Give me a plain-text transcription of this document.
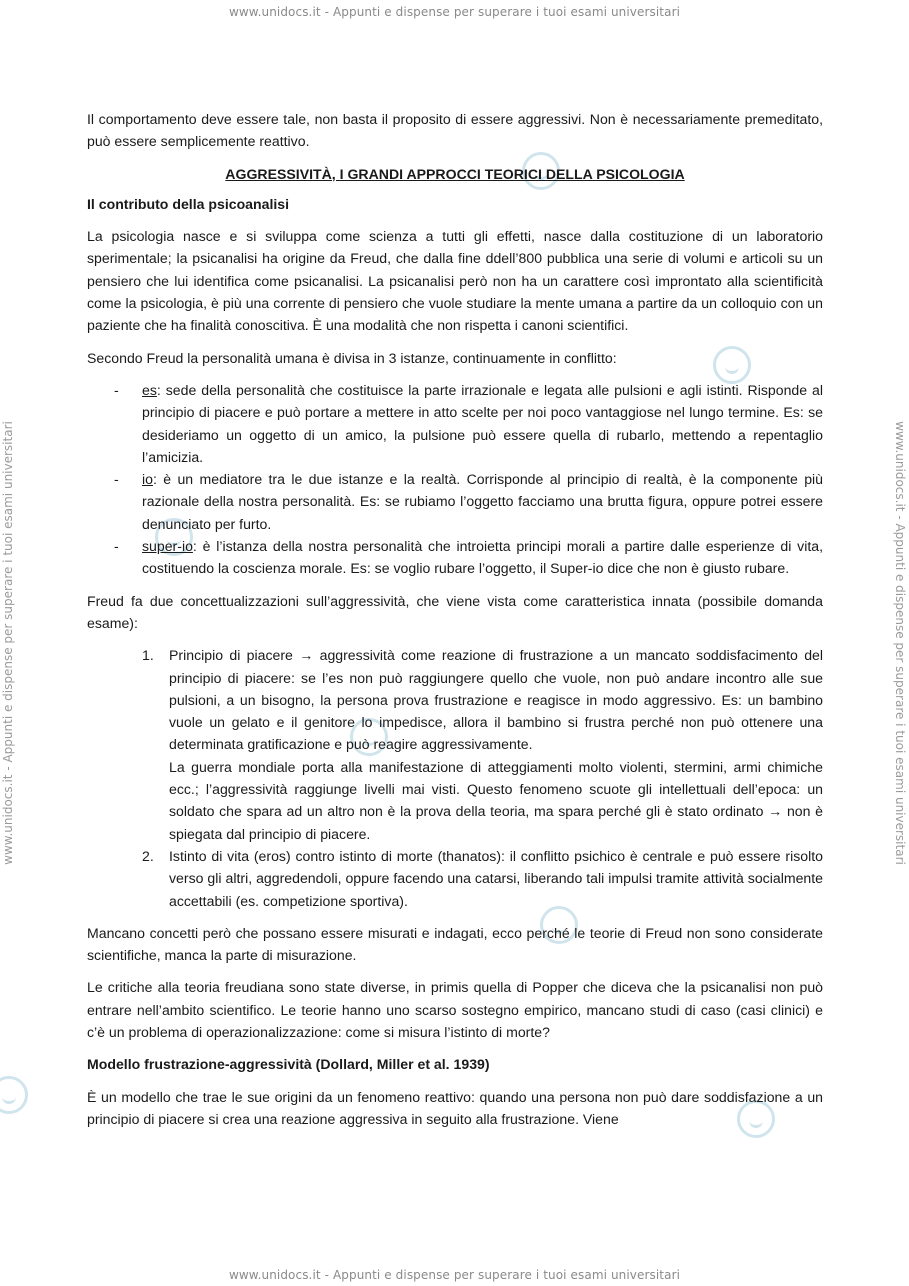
www.unidocs.it - Appunti e dispense per superare i tuoi esami universitari
www.unidocs.it - Appunti e dispense per superare i tuoi esami universitari	www.unidocs.it - Appunti e dispense per superare i tuoi esami universitari

Il comportamento deve essere tale, non basta il proposito di essere aggressivi. Non è necessariamente premeditato, può essere semplicemente reattivo.

AGGRESSIVITÀ, I GRANDI APPROCCI TEORICI DELLA PSICOLOGIA

Il contributo della psicoanalisi

La psicologia nasce e si sviluppa come scienza a tutti gli effetti, nasce dalla costituzione di un laboratorio sperimentale; la psicanalisi ha origine da Freud, che dalla fine ddell’800 pubblica una serie di volumi e articoli su un pensiero che lui identifica come psicanalisi. La psicanalisi però non ha un carattere così improntato alla scientificità come la psicologia, è più una corrente di pensiero che vuole studiare la mente umana a partire da un colloquio con un paziente che ha finalità conoscitiva. È una modalità che non rispetta i canoni scientifici.

Secondo Freud la personalità umana è divisa in 3 istanze, continuamente in conflitto:

- es: sede della personalità che costituisce la parte irrazionale e legata alle pulsioni e agli istinti. Risponde al principio di piacere e può portare a mettere in atto scelte per noi poco vantaggiose nel lungo termine. Es: se desideriamo un oggetto di un amico, la pulsione può essere quella di rubarlo, mettendo a repentaglio l’amicizia.
- io: è un mediatore tra le due istanze e la realtà. Corrisponde al principio di realtà, è la componente più razionale della nostra personalità. Es: se rubiamo l’oggetto facciamo una brutta figura, oppure potrei essere denunciato per furto.
- super-io: è l’istanza della nostra personalità che introietta principi morali a partire dalle esperienze di vita, costituendo la coscienza morale. Es: se voglio rubare l’oggetto, il Super-io dice che non è giusto rubare.

Freud fa due concettualizzazioni sull’aggressività, che viene vista come caratteristica innata (possibile domanda esame):

1. Principio di piacere → aggressività come reazione di frustrazione a un mancato soddisfacimento del principio di piacere: se l’es non può raggiungere quello che vuole, non può andare incontro alle sue pulsioni, a un bisogno, la persona prova frustrazione e reagisce in modo aggressivo. Es: un bambino vuole un gelato e il genitore lo impedisce, allora il bambino si frustra perché non può ottenere una determinata gratificazione e può reagire aggressivamente.
La guerra mondiale porta alla manifestazione di atteggiamenti molto violenti, stermini, armi chimiche ecc.; l’aggressività raggiunge livelli mai visti. Questo fenomeno scuote gli intellettuali dell’epoca: un soldato che spara ad un altro non è la prova della teoria, ma spara perché gli è stato ordinato → non è spiegata dal principio di piacere.
2. Istinto di vita (eros) contro istinto di morte (thanatos): il conflitto psichico è centrale e può essere risolto verso gli altri, aggredendoli, oppure facendo una catarsi, liberando tali impulsi tramite attività socialmente accettabili (es. competizione sportiva).

Mancano concetti però che possano essere misurati e indagati, ecco perché le teorie di Freud non sono considerate scientifiche, manca la parte di misurazione.

Le critiche alla teoria freudiana sono state diverse, in primis quella di Popper che diceva che la psicanalisi non può entrare nell’ambito scientifico. Le teorie hanno uno scarso sostegno empirico, mancano studi di caso (casi clinici) e c’è un problema di operazionalizzazione: come si misura l’istinto di morte?

Modello frustrazione-aggressività (Dollard, Miller et al. 1939)

È un modello che trae le sue origini da un fenomeno reattivo: quando una persona non può dare soddisfazione a un principio di piacere si crea una reazione aggressiva in seguito alla frustrazione. Viene

www.unidocs.it - Appunti e dispense per superare i tuoi esami universitari
